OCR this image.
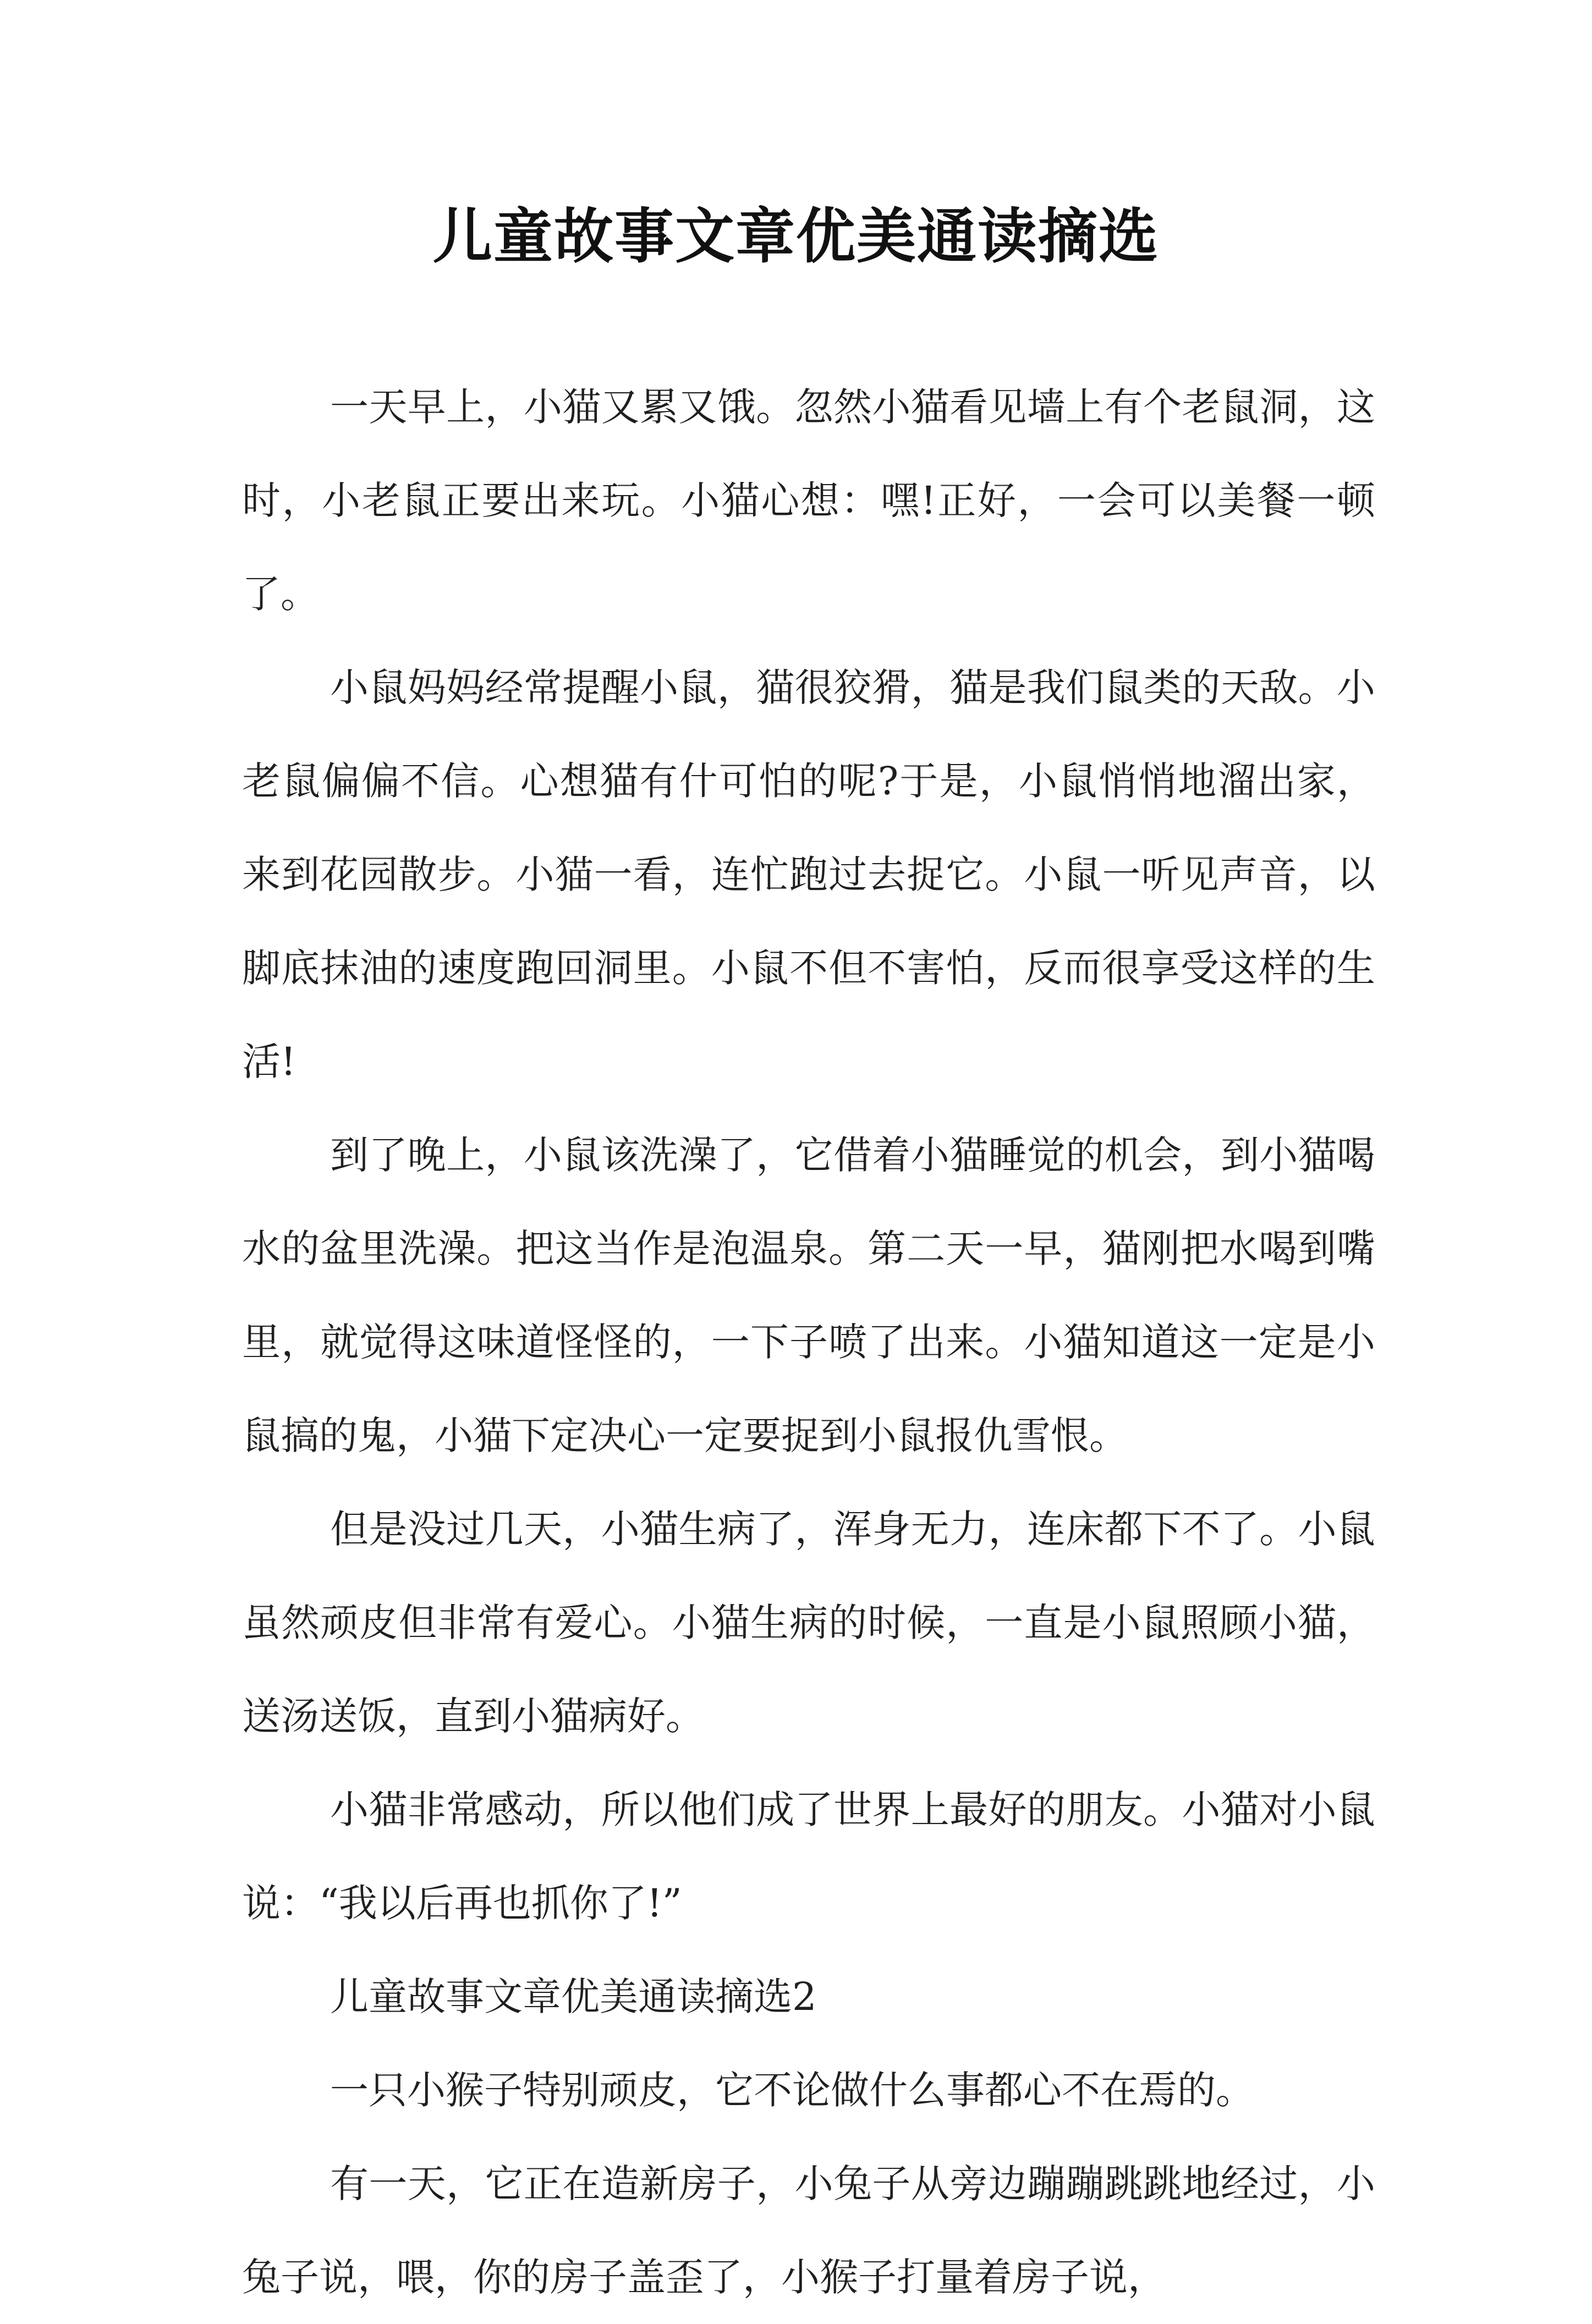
儿童故事文章优美通读摘选

一天早上，小猫又累又饿。忽然小猫看见墙上有个老鼠洞，这时，小老鼠正要出来玩。小猫心想：嘿!正好，一会可以美餐一顿了。

小鼠妈妈经常提醒小鼠，猫很狡猾，猫是我们鼠类的天敌。小老鼠偏偏不信。心想猫有什可怕的呢?于是，小鼠悄悄地溜出家，来到花园散步。小猫一看，连忙跑过去捉它。小鼠一听见声音，以脚底抹油的速度跑回洞里。小鼠不但不害怕，反而很享受这样的生活!

到了晚上，小鼠该洗澡了，它借着小猫睡觉的机会，到小猫喝水的盆里洗澡。把这当作是泡温泉。第二天一早，猫刚把水喝到嘴里，就觉得这味道怪怪的，一下子喷了出来。小猫知道这一定是小鼠搞的鬼，小猫下定决心一定要捉到小鼠报仇雪恨。

但是没过几天，小猫生病了，浑身无力，连床都下不了。小鼠虽然顽皮但非常有爱心。小猫生病的时候，一直是小鼠照顾小猫，送汤送饭，直到小猫病好。

小猫非常感动，所以他们成了世界上最好的朋友。小猫对小鼠说：“我以后再也抓你了!”

儿童故事文章优美通读摘选2

一只小猴子特别顽皮，它不论做什么事都心不在焉的。

有一天，它正在造新房子，小兔子从旁边蹦蹦跳跳地经过，小兔子说，喂，你的房子盖歪了，小猴子打量着房子说，
